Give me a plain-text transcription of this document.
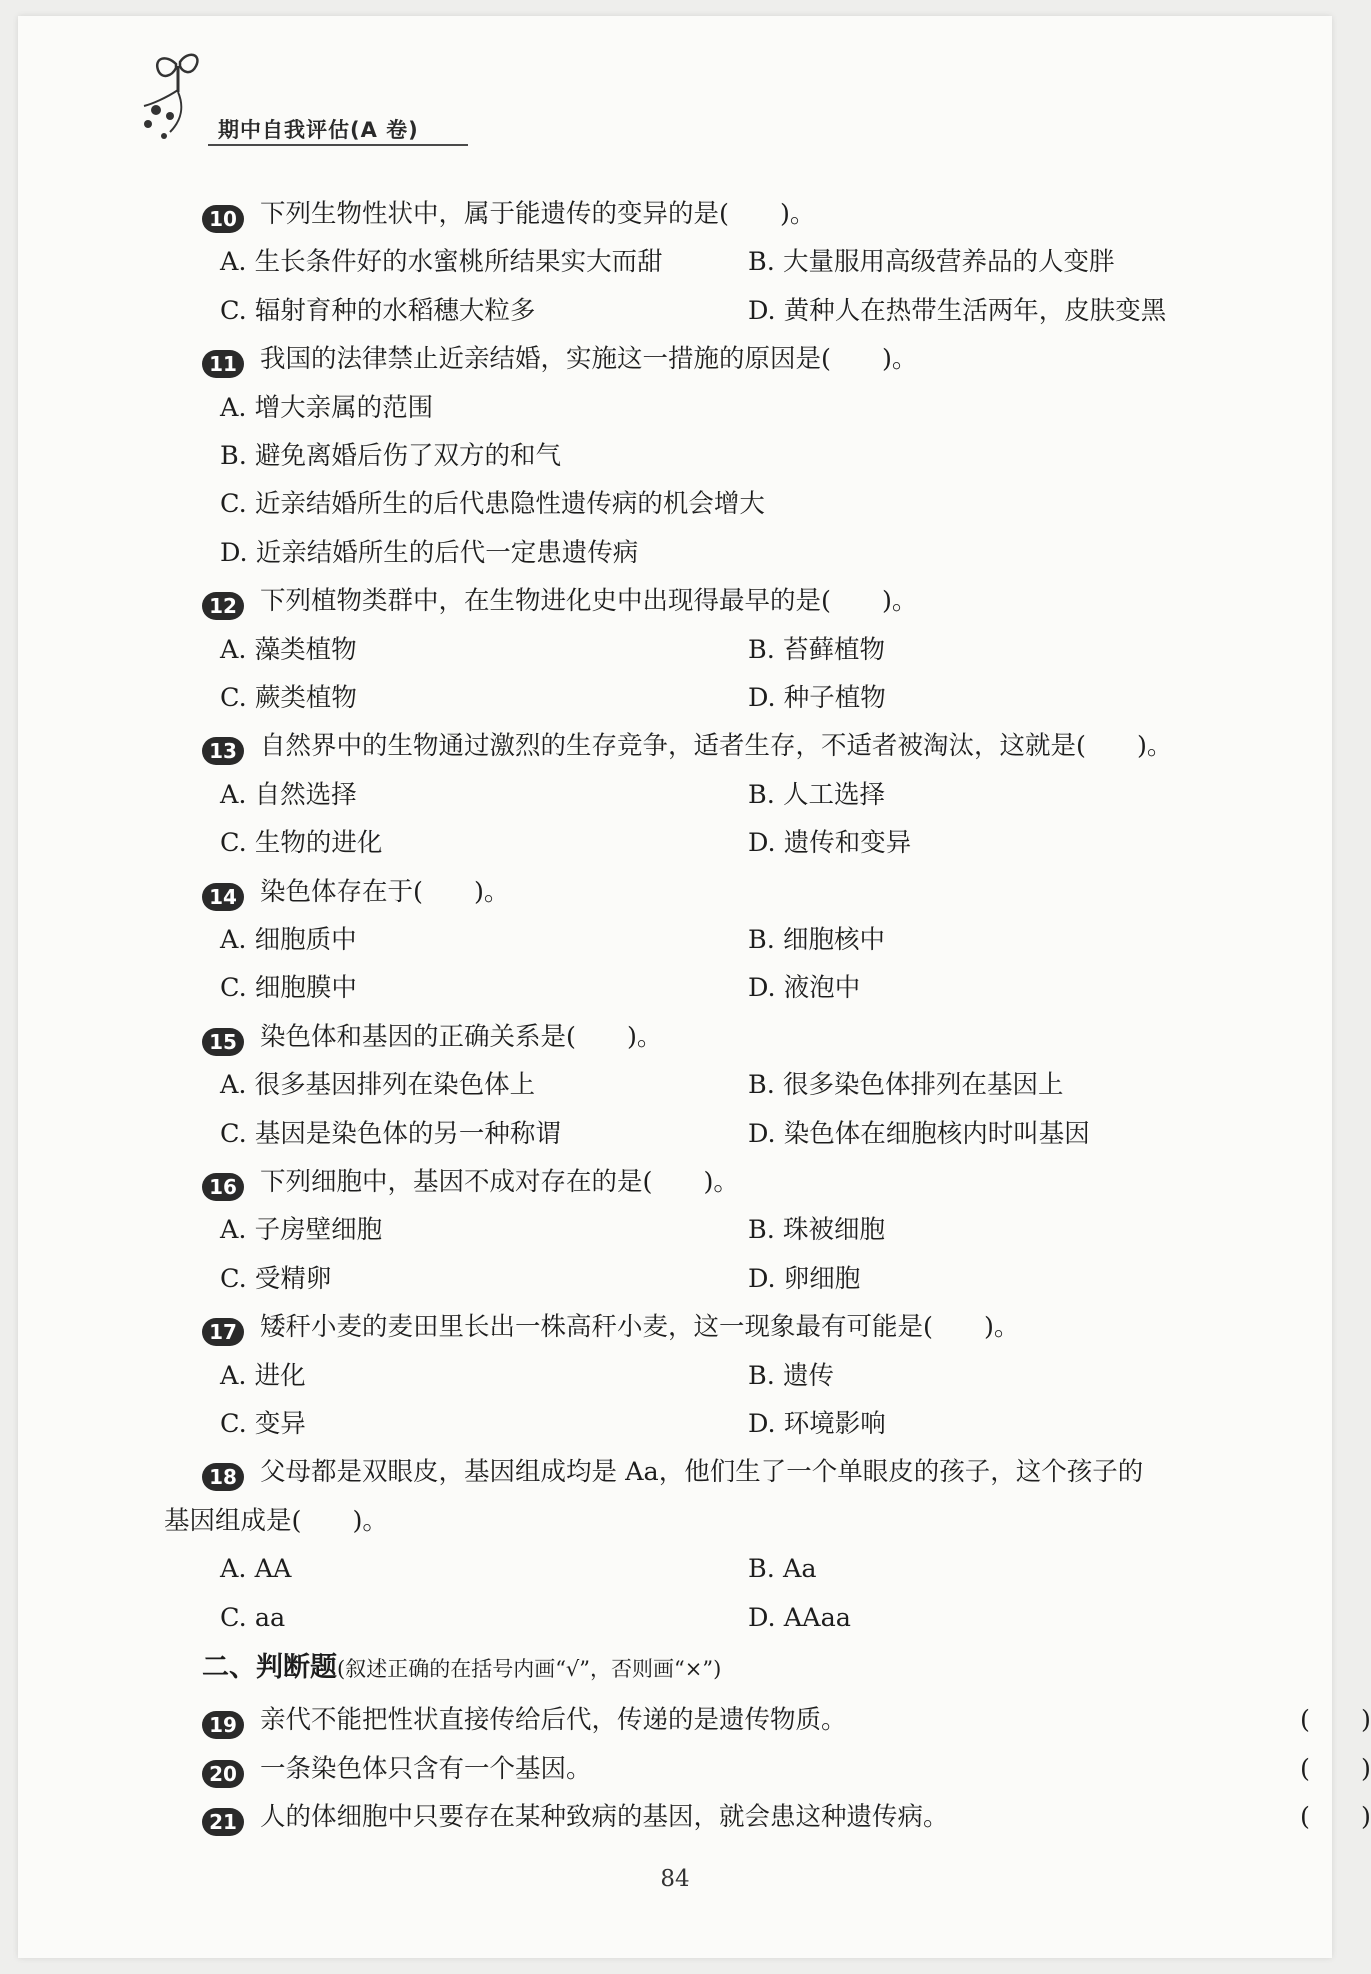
期中自我评估(A 卷)
10 下列生物性状中，属于能遗传的变异的是(　　)。
A. 生长条件好的水蜜桃所结果实大而甜	B. 大量服用高级营养品的人变胖
C. 辐射育种的水稻穗大粒多	D. 黄种人在热带生活两年，皮肤变黑
11 我国的法律禁止近亲结婚，实施这一措施的原因是(　　)。
A. 增大亲属的范围
B. 避免离婚后伤了双方的和气
C. 近亲结婚所生的后代患隐性遗传病的机会增大
D. 近亲结婚所生的后代一定患遗传病
12 下列植物类群中，在生物进化史中出现得最早的是(　　)。
A. 藻类植物	B. 苔藓植物
C. 蕨类植物	D. 种子植物
13 自然界中的生物通过激烈的生存竞争，适者生存，不适者被淘汰，这就是(　　)。
A. 自然选择	B. 人工选择
C. 生物的进化	D. 遗传和变异
14 染色体存在于(　　)。
A. 细胞质中	B. 细胞核中
C. 细胞膜中	D. 液泡中
15 染色体和基因的正确关系是(　　)。
A. 很多基因排列在染色体上	B. 很多染色体排列在基因上
C. 基因是染色体的另一种称谓	D. 染色体在细胞核内时叫基因
16 下列细胞中，基因不成对存在的是(　　)。
A. 子房壁细胞	B. 珠被细胞
C. 受精卵	D. 卵细胞
17 矮秆小麦的麦田里长出一株高秆小麦，这一现象最有可能是(　　)。
A. 进化	B. 遗传
C. 变异	D. 环境影响
18 父母都是双眼皮，基因组成均是 Aa，他们生了一个单眼皮的孩子，这个孩子的
基因组成是(　　)。
A. AA	B. Aa
C. aa	D. AAaa
二、判断题(叙述正确的在括号内画“√”，否则画“×”)
19 亲代不能把性状直接传给后代，传递的是遗传物质。	(　　)
20 一条染色体只含有一个基因。	(　　)
21 人的体细胞中只要存在某种致病的基因，就会患这种遗传病。	(　　)
84
